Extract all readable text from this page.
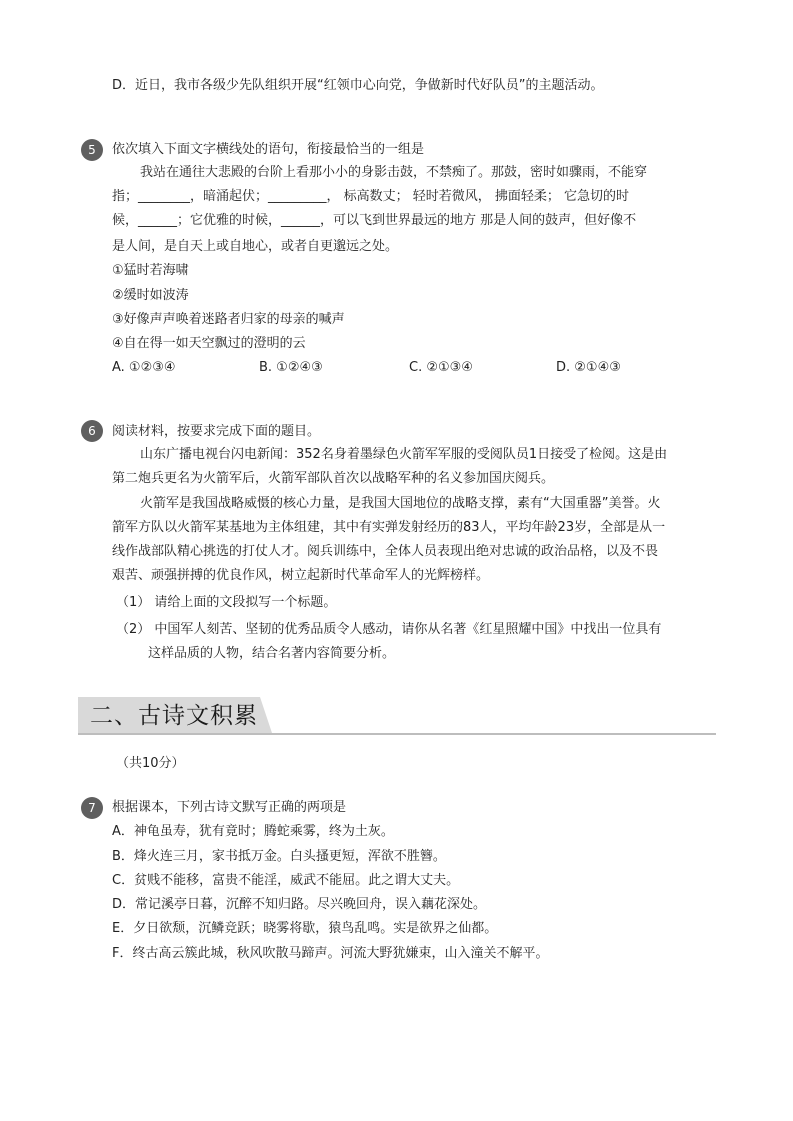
D．近日，我市各级少先队组织开展“红领巾心向党，争做新时代好队员”的主题活动。
5	依次填入下面文字横线处的语句，衔接最恰当的一组是
我站在通往大悲殿的台阶上看那小小的身影击鼓，不禁痴了。那鼓，密时如骤雨，不能穿
指；________，暗涌起伏；_________， 标高数丈； 轻时若微风， 拂面轻柔； 它急切的时
候，______；它优雅的时候，______，可以飞到世界最远的地方 那是人间的鼓声，但好像不
是人间，是自天上或自地心，或者自更邈远之处。
①猛时若海啸
②缓时如波涛
③好像声声唤着迷路者归家的母亲的喊声
④自在得一如天空飘过的澄明的云
A. ①②③④	B. ①②④③	C. ②①③④	D. ②①④③
6	阅读材料，按要求完成下面的题目。
山东广播电视台闪电新闻：352名身着墨绿色火箭军军服的受阅队员1日接受了检阅。这是由
第二炮兵更名为火箭军后，火箭军部队首次以战略军种的名义参加国庆阅兵。
火箭军是我国战略威慑的核心力量，是我国大国地位的战略支撑，素有“大国重器”美誉。火
箭军方队以火箭军某基地为主体组建，其中有实弹发射经历的83人，平均年龄23岁，全部是从一
线作战部队精心挑选的打仗人才。阅兵训练中，全体人员表现出绝对忠诚的政治品格，以及不畏
艰苦、顽强拼搏的优良作风，树立起新时代革命军人的光辉榜样。
（1） 请给上面的文段拟写一个标题。
（2） 中国军人刻苦、坚韧的优秀品质令人感动，请你从名著《红星照耀中国》中找出一位具有
这样品质的人物，结合名著内容简要分析。
二、古诗文积累
（共10分）
7	根据课本，下列古诗文默写正确的两项是
A．神龟虽寿，犹有竟时；腾蛇乘雾，终为土灰。
B．烽火连三月，家书抵万金。白头搔更短，浑欲不胜簪。
C．贫贱不能移，富贵不能淫，威武不能屈。此之谓大丈夫。
D．常记溪亭日暮，沉醉不知归路。尽兴晚回舟，误入藕花深处。
E．夕日欲颓，沉鳞竞跃；晓雾将歇，猿鸟乱鸣。实是欲界之仙都。
F．终古高云簇此城，秋风吹散马蹄声。河流大野犹嫌束，山入潼关不解平。
